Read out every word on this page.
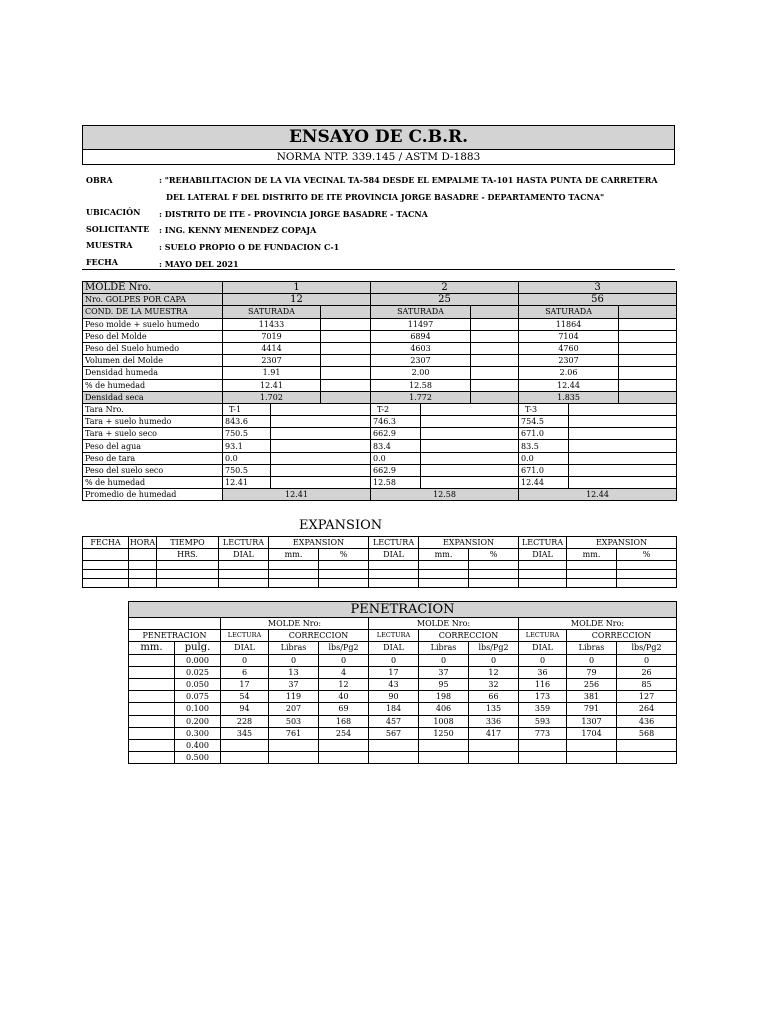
ENSAYO DE C.B.R.
NORMA NTP. 339.145 / ASTM D-1883
OBRA	: "REHABILITACION DE LA VIA VECINAL TA-584 DESDE EL EMPALME TA-101 HASTA PUNTA DE CARRETERA
DEL LATERAL F DEL DISTRITO DE ITE PROVINCIA JORGE BASADRE - DEPARTAMENTO TACNA"
UBICACIÓN : DISTRITO DE ITE - PROVINCIA JORGE BASADRE - TACNA
SOLICITANTE : ING. KENNY MENENDEZ COPAJA
MUESTRA	: SUELO PROPIO O DE FUNDACION C-1
FECHA	: MAYO DEL 2021
MOLDE Nro.	1			2			3		
Nro. GOLPES POR CAPA	12			25			56		
COND. DE LA MUESTRA	SATURADA			SATURADA			SATURADA		
Peso molde + suelo humedo	11433			11497			11864		
Peso del Molde	7019			6894			7104		
Peso del Suelo humedo	4414			4603			4760		
Volumen del Molde	2307			2307			2307		
Densidad humeda	1.91			2.00			2.06		
% de humedad	12.41			12.58			12.44		
Densidad seca	1.702			1.772			1.835		
Tara Nro.	T-1			T-2			T-3		
Tara + suelo humedo	843.6			746.3			754.5		
Tara + suelo seco	750.5			662.9			671.0		
Peso del agua	93.1			83.4			83.5		
Peso de tara	0.0			0.0			0.0		
Peso del suelo seco	750.5			662.9			671.0		
% de humedad	12.41			12.58			12.44		
Promedio de humedad	12.41			12.58			12.44		
EXPANSION
FECHA	HORA	TIEMPO	LECTURA	EXPANSION		LECTURA	EXPANSION		LECTURA	EXPANSION	
		HRS.	DIAL	mm.	%	DIAL	mm.	%	DIAL	mm.	%

PENETRACION										
		MOLDE Nro:			MOLDE Nro:			MOLDE Nro:		
PENETRACION		LECTURA	CORRECCION		LECTURA	CORRECCION		LECTURA	CORRECCION	
mm.	pulg.	DIAL	Libras	lbs/Pg2	DIAL	Libras	lbs/Pg2	DIAL	Libras	lbs/Pg2
	0.000	0	0	0	0	0	0	0	0	0
	0.025	6	13	4	17	37	12	36	79	26
	0.050	17	37	12	43	95	32	116	256	85
	0.075	54	119	40	90	198	66	173	381	127
	0.100	94	207	69	184	406	135	359	791	264
	0.200	228	503	168	457	1008	336	593	1307	436
	0.300	345	761	254	567	1250	417	773	1704	568
	0.400									
	0.500									
